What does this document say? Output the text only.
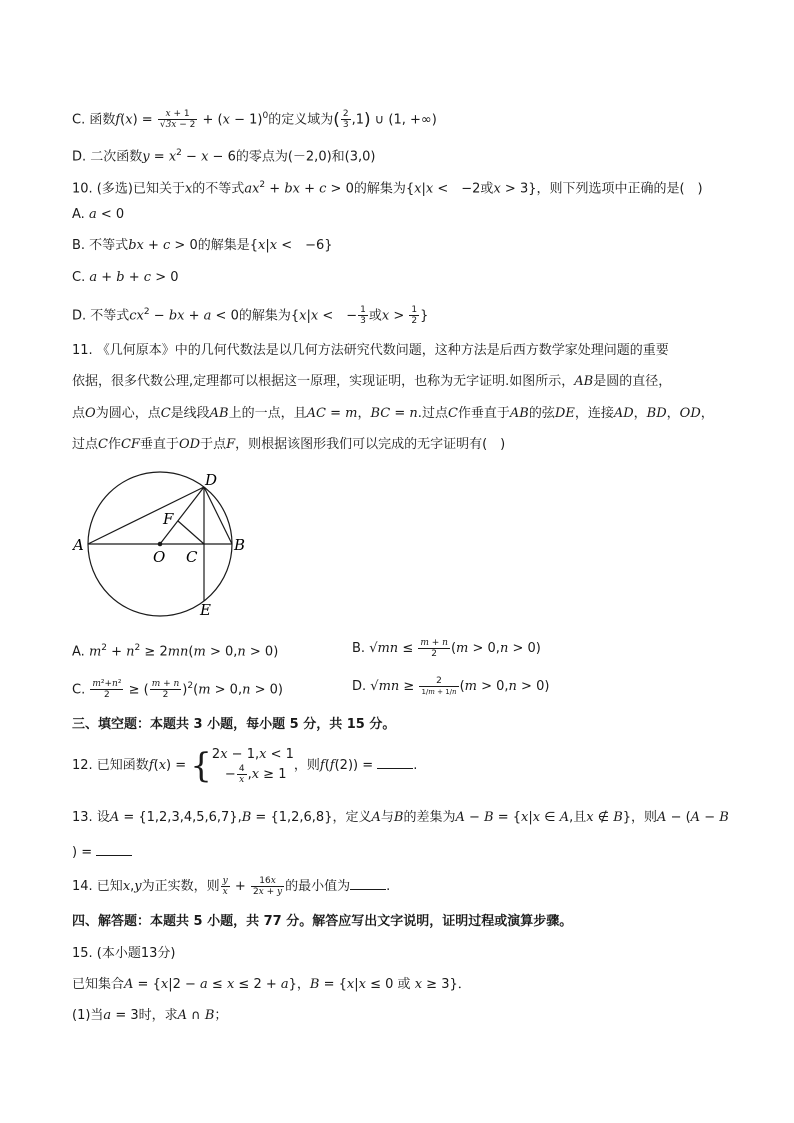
C. 函数$f(x) = \frac{x + 1}{√3x - 2} + (x - 1)^0$的定义域为( $\frac{2}{3} ,1$) ∪ (1, +∞)
D. 二次函数$y = x^2 - x - 6$的零点为(－2,0)和(3,0)
10. (多选)已知关于x的不等式$ax^2$ + bx + c > 0的解集为{x|x <　−2或x > 3}，则下列选项中正确的是(　)
A. a < 0
B. 不等式bx + c > 0的解集是{x|x <　−6}
C. a + b + c > 0
D. 不等式$cx^2$ − bx + a < 0的解集为{x|x <　− $\frac{1}{3}$ 或$x > \frac{1}{2}$ }
11. 《几何原本》中的几何代数法是以几何方法研究代数问题，这种方法是后西方数学家处理问题的重要
依据，很多代数公理,定理都可以根据这一原理，实现证明，也称为无字证明.如图所示，AB是圆的直径，
点O为圆心，点C是线段AB上的一点，且AC = m，BC = n.过点C作垂直于AB的弦DE，连接AD，BD，OD，
过点C作CF垂直于OD于点F，则根据该图形我们可以完成的无字证明有(　)
A	B
D
E
F
O C
A. $m^2 + n^2 \ge 2mn(m > 0,n > 0)$	B. $√mn \le \frac{m + n}{2} (m > 0,n > 0)$
C. $\frac{\text{m²+n²}}{2}$ ≥ ( $\frac{m + n}{2} )^2(m > 0,n > 0)$	D. $√mn \ge \frac{2}{1/m + 1/n} (m > 0,n > 0)$
三、填空题：本题共 3 小题，每小题 5 分，共 15 分。
12. 已知函数f(x) = { 2x − 1,x < 1
　− $\frac{4}{x} ,x \ge 1$
，则f(f(2)) =	.
13. 设A = {1,2,3,4,5,6,7},B = {1,2,6,8}，定义A与B的差集为A − B = {x|x ∈ A,且x ∉ B}，则A − (A − B
) =
14. 已知x,y为正实数，则 $\frac{y}{x} + \frac{16x}{2x + y}$ 的最小值为	.
四、解答题：本题共 5 小题，共 77 分。解答应写出文字说明，证明过程或演算步骤。
15. (本小题13分)
已知集合A = {x|2 − a ≤ x ≤ 2 + a}，B = {x|x ≤ 0 或 x ≥ 3}．
(1)当a = 3时，求A ∩ B；
